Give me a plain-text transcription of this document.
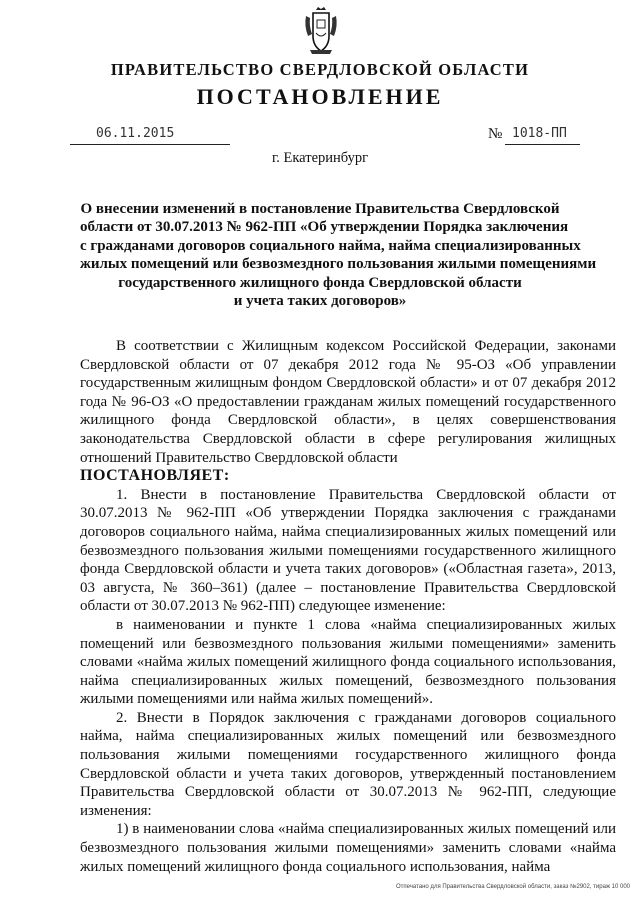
ПРАВИТЕЛЬСТВО СВЕРДЛОВСКОЙ ОБЛАСТИ
ПОСТАНОВЛЕНИЕ
06.11.2015	№ 1018-ПП
г. Екатеринбург
О внесении изменений в постановление Правительства Свердловской
области от 30.07.2013 № 962-ПП «Об утверждении Порядка заключения
с гражданами договоров социального найма, найма специализированных
жилых помещений или безвозмездного пользования жилыми помещениями
государственного жилищного фонда Свердловской области
и учета таких договоров»

В соответствии с Жилищным кодексом Российской Федерации, законами Свердловской области от 07 декабря 2012 года № 95-ОЗ «Об управлении государственным жилищным фондом Свердловской области» и от 07 декабря 2012 года № 96-ОЗ «О предоставлении гражданам жилых помещений государственного жилищного фонда Свердловской области», в целях совершенствования законодательства Свердловской области в сфере регулирования жилищных отношений Правительство Свердловской области

ПОСТАНОВЛЯЕТ:

1. Внести в постановление Правительства Свердловской области от 30.07.2013 № 962-ПП «Об утверждении Порядка заключения с гражданами договоров социального найма, найма специализированных жилых помещений или безвозмездного пользования жилыми помещениями государственного жилищного фонда Свердловской области и учета таких договоров» («Областная газета», 2013, 03 августа, № 360–361) (далее – постановление Правительства Свердловской области от 30.07.2013 № 962-ПП) следующее изменение:

в наименовании и пункте 1 слова «найма специализированных жилых помещений или безвозмездного пользования жилыми помещениями» заменить словами «найма жилых помещений жилищного фонда социального использования, найма специализированных жилых помещений, безвозмездного пользования жилыми помещениями или найма жилых помещений».

2. Внести в Порядок заключения с гражданами договоров социального найма, найма специализированных жилых помещений или безвозмездного пользования жилыми помещениями государственного жилищного фонда Свердловской области и учета таких договоров, утвержденный постановлением Правительства Свердловской области от 30.07.2013 № 962-ПП, следующие изменения:

1) в наименовании слова «найма специализированных жилых помещений или безвозмездного пользования жилыми помещениями» заменить словами «найма жилых помещений жилищного фонда социального использования, найма

Отпечатано для Правительства Свердловской области, заказ №2902, тираж 10 000
